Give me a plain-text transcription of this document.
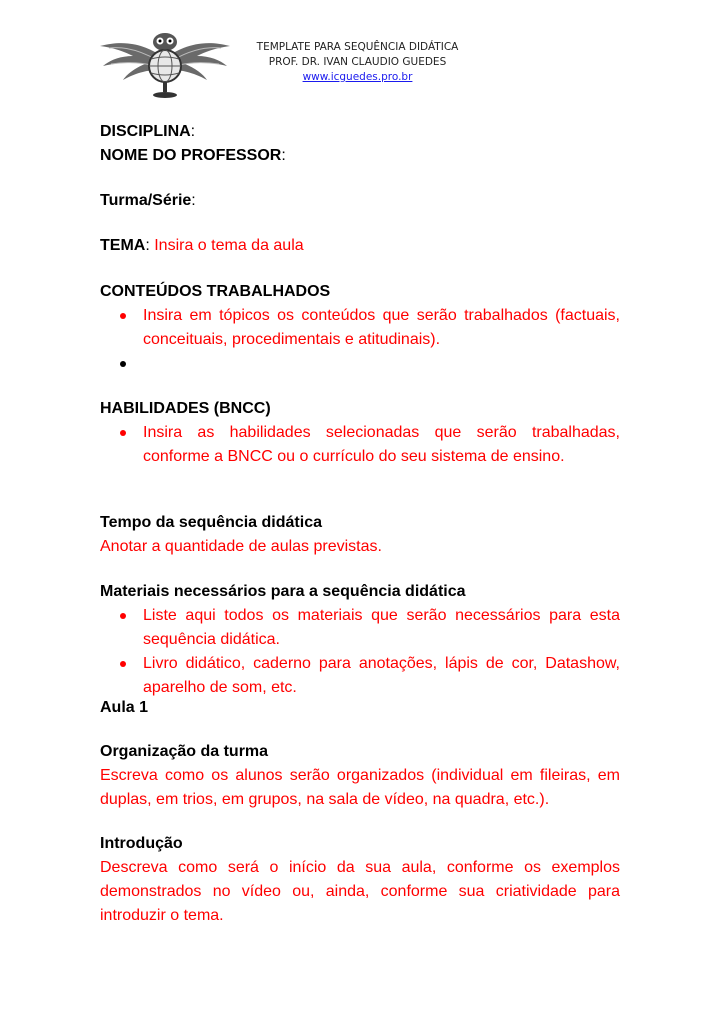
TEMPLATE PARA SEQUÊNCIA DIDÁTICA
PROF. DR. IVAN CLAUDIO GUEDES
www.icguedes.pro.br
DISCIPLINA:
NOME DO PROFESSOR:
Turma/Série:
TEMA: Insira o tema da aula
CONTEÚDOS TRABALHADOS
Insira em tópicos os conteúdos que serão trabalhados (factuais, conceituais, procedimentais e atitudinais).
HABILIDADES (BNCC)
Insira as habilidades selecionadas que serão trabalhadas, conforme a BNCC ou o currículo do seu sistema de ensino.
Tempo da sequência didática
Anotar a quantidade de aulas previstas.
Materiais necessários para a sequência didática
Liste aqui todos os materiais que serão necessários para esta sequência didática.
Livro didático, caderno para anotações, lápis de cor, Datashow, aparelho de som, etc.
Aula 1
Organização da turma
Escreva como os alunos serão organizados (individual em fileiras, em duplas, em trios, em grupos, na sala de vídeo, na quadra, etc.).
Introdução
Descreva como será o início da sua aula, conforme os exemplos demonstrados no vídeo ou, ainda, conforme sua criatividade para introduzir o tema.
